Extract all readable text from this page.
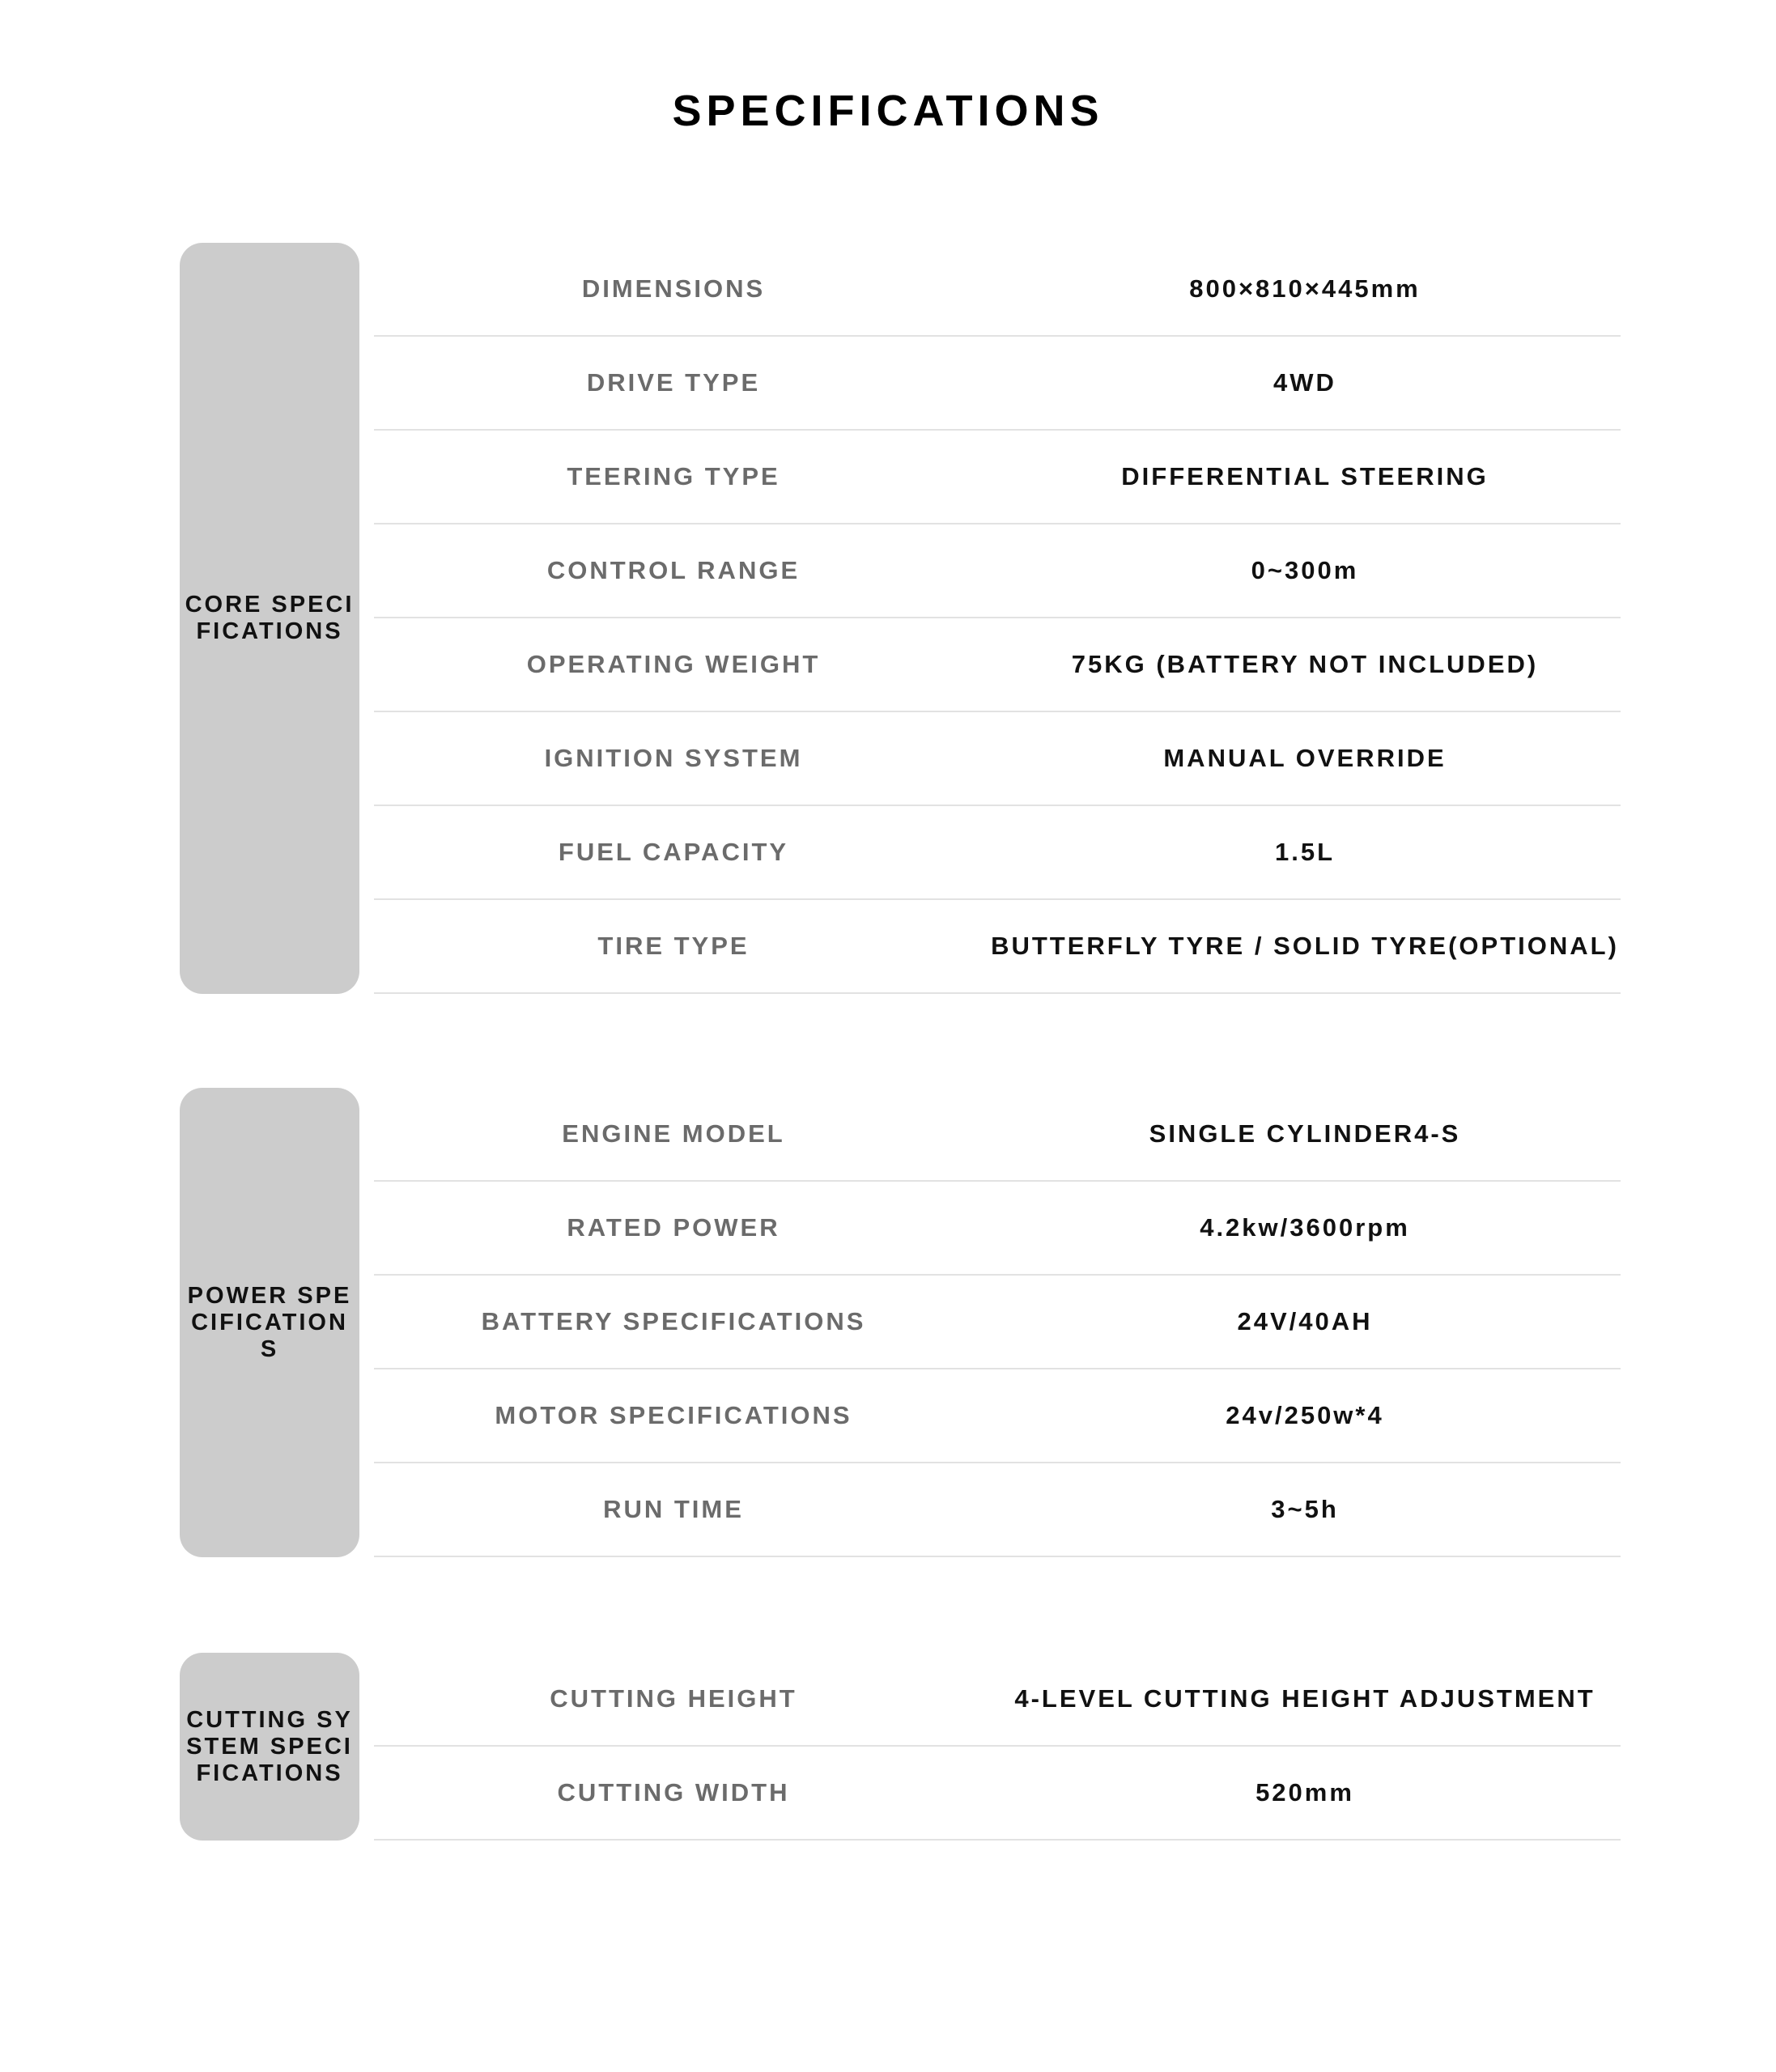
SPECIFICATIONS
CORE SPECIFICATIONS
DIMENSIONS	800×810×445mm
DRIVE TYPE	4WD
TEERING TYPE	DIFFERENTIAL STEERING
CONTROL RANGE	0~300m
OPERATING WEIGHT	75KG (BATTERY NOT INCLUDED)
IGNITION SYSTEM	MANUAL OVERRIDE
FUEL CAPACITY	1.5L
TIRE TYPE	BUTTERFLY TYRE / SOLID TYRE(OPTIONAL)
POWER SPECIFICATIONS
ENGINE MODEL	SINGLE CYLINDER4-S
RATED POWER	4.2kw/3600rpm
BATTERY SPECIFICATIONS	24V/40AH
MOTOR SPECIFICATIONS	24v/250w*4
RUN TIME	3~5h
CUTTING SYSTEM SPECIFICATIONS
CUTTING HEIGHT	4-LEVEL CUTTING HEIGHT ADJUSTMENT
CUTTING WIDTH	520mm
